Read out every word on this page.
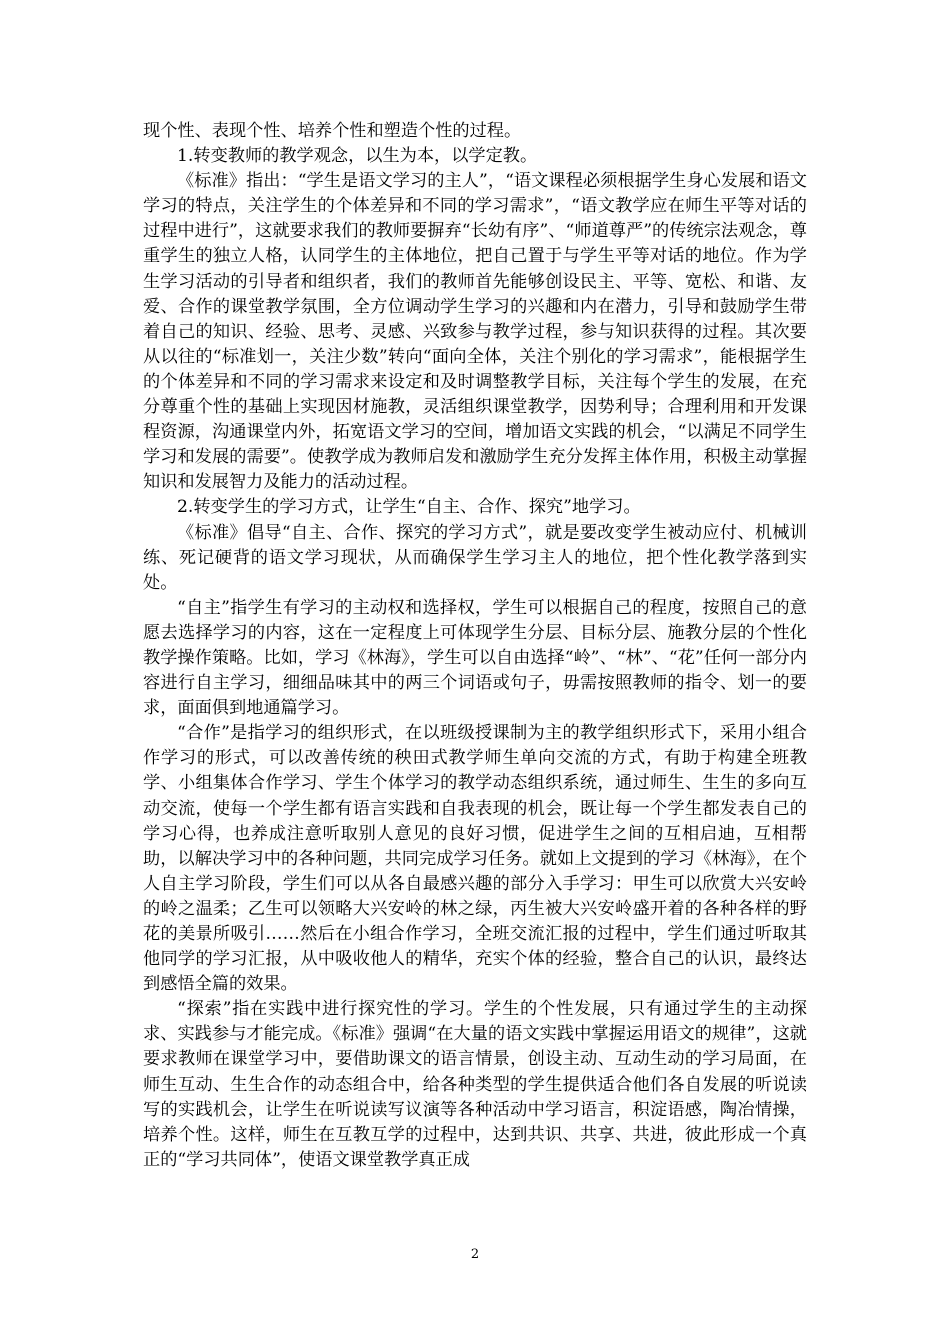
现个性、表现个性、培养个性和塑造个性的过程。

1.转变教师的教学观念，以生为本，以学定教。

《标准》指出：“学生是语文学习的主人”，“语文课程必须根据学生身心发展和语文学习的特点，关注学生的个体差异和不同的学习需求”，“语文教学应在师生平等对话的过程中进行”，这就要求我们的教师要摒弃“长幼有序”、“师道尊严”的传统宗法观念，尊重学生的独立人格，认同学生的主体地位，把自己置于与学生平等对话的地位。作为学生学习活动的引导者和组织者，我们的教师首先能够创设民主、平等、宽松、和谐、友爱、合作的课堂教学氛围，全方位调动学生学习的兴趣和内在潜力，引导和鼓励学生带着自己的知识、经验、思考、灵感、兴致参与教学过程，参与知识获得的过程。其次要从以往的“标准划一，关注少数”转向“面向全体，关注个别化的学习需求”，能根据学生的个体差异和不同的学习需求来设定和及时调整教学目标，关注每个学生的发展，在充分尊重个性的基础上实现因材施教，灵活组织课堂教学，因势利导；合理利用和开发课程资源，沟通课堂内外，拓宽语文学习的空间，增加语文实践的机会，“以满足不同学生学习和发展的需要”。使教学成为教师启发和激励学生充分发挥主体作用，积极主动掌握知识和发展智力及能力的活动过程。

2.转变学生的学习方式，让学生“自主、合作、探究”地学习。

《标准》倡导“自主、合作、探究的学习方式”，就是要改变学生被动应付、机械训练、死记硬背的语文学习现状，从而确保学生学习主人的地位，把个性化教学落到实处。

“自主”指学生有学习的主动权和选择权，学生可以根据自己的程度，按照自己的意愿去选择学习的内容，这在一定程度上可体现学生分层、目标分层、施教分层的个性化教学操作策略。比如，学习《林海》，学生可以自由选择“岭”、“林”、“花”任何一部分内容进行自主学习，细细品味其中的两三个词语或句子，毋需按照教师的指令、划一的要求，面面俱到地通篇学习。

“合作”是指学习的组织形式，在以班级授课制为主的教学组织形式下，采用小组合作学习的形式，可以改善传统的秧田式教学师生单向交流的方式，有助于构建全班教学、小组集体合作学习、学生个体学习的教学动态组织系统，通过师生、生生的多向互动交流，使每一个学生都有语言实践和自我表现的机会，既让每一个学生都发表自己的学习心得，也养成注意听取别人意见的良好习惯，促进学生之间的互相启迪，互相帮助，以解决学习中的各种问题，共同完成学习任务。就如上文提到的学习《林海》，在个人自主学习阶段，学生们可以从各自最感兴趣的部分入手学习：甲生可以欣赏大兴安岭的岭之温柔；乙生可以领略大兴安岭的林之绿，丙生被大兴安岭盛开着的各种各样的野花的美景所吸引……然后在小组合作学习，全班交流汇报的过程中，学生们通过听取其他同学的学习汇报，从中吸收他人的精华，充实个体的经验，整合自己的认识，最终达到感悟全篇的效果。

“探索”指在实践中进行探究性的学习。学生的个性发展，只有通过学生的主动探求、实践参与才能完成。《标准》强调“在大量的语文实践中掌握运用语文的规律”，这就要求教师在课堂学习中，要借助课文的语言情景，创设主动、互动生动的学习局面，在师生互动、生生合作的动态组合中，给各种类型的学生提供适合他们各自发展的听说读写的实践机会，让学生在听说读写议演等各种活动中学习语言，积淀语感，陶冶情操，培养个性。这样，师生在互教互学的过程中，达到共识、共享、共进，彼此形成一个真正的“学习共同体”，使语文课堂教学真正成

2
